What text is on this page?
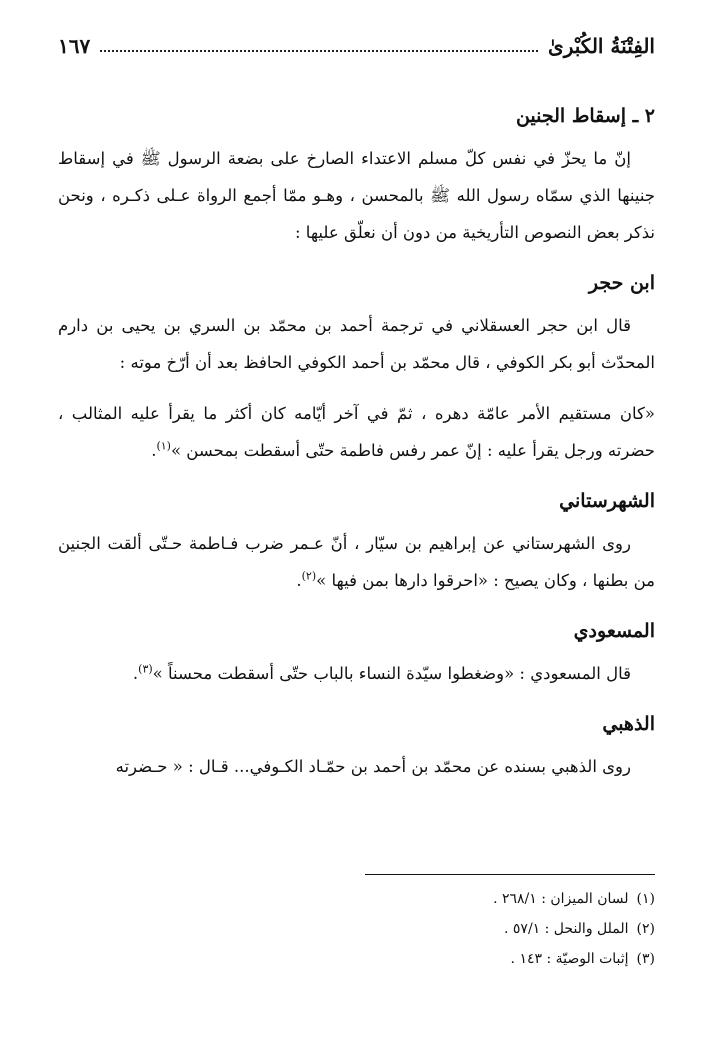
الفِتْنَةُ الكُبْرىٰ
١٦٧
٢ ـ إسقاط الجنين

إنّ ما يحزّ في نفس كلّ مسلم الاعتداء الصارخ على بضعة الرسول ﷺ في إسقاط جنينها الذي سمّاه رسول الله ﷺ بالمحسن ، وهـو ممّا أجمع الرواة عـلى ذكـره ، ونحن نذكر بعض النصوص التأريخية من دون أن نعلّق عليها :

ابن حجر

قال ابن حجر العسقلاني في ترجمة أحمد بن محمّد بن السري بن يحيى بن دارم المحدّث أبو بكر الكوفي ، قال محمّد بن أحمد الكوفي الحافظ بعد أن أرّخ موته :

«كان مستقيم الأمر عامّة دهره ، ثمّ في آخر أيّامه كان أكثر ما يقرأ عليه المثالب ، حضرته ورجل يقرأ عليه : إنّ عمر رفس فاطمة حتّى أسقطت بمحسن »$^{(١)}$.

الشهرستاني

روى الشهرستاني عن إبراهيم بن سيّار ، أنّ عـمر ضرب فـاطمة حـتّى ألقت الجنين من بطنها ، وكان يصيح : «احرقوا دارها بمن فيها »$^{(٢)}$.

المسعودي

قال المسعودي : «وضغطوا سيّدة النساء بالباب حتّى أسقطت محسناً »$^{(٣)}$.

الذهبي

روى الذهبي بسنده عن محمّد بن أحمد بن حمّـاد الكـوفي... قـال : « حـضرته

(١)لسان الميزان : ٢٦٨/١ .
(٢)الملل والنحل : ٥٧/١ .
(٣)إثبات الوصيّة : ١٤٣ .
